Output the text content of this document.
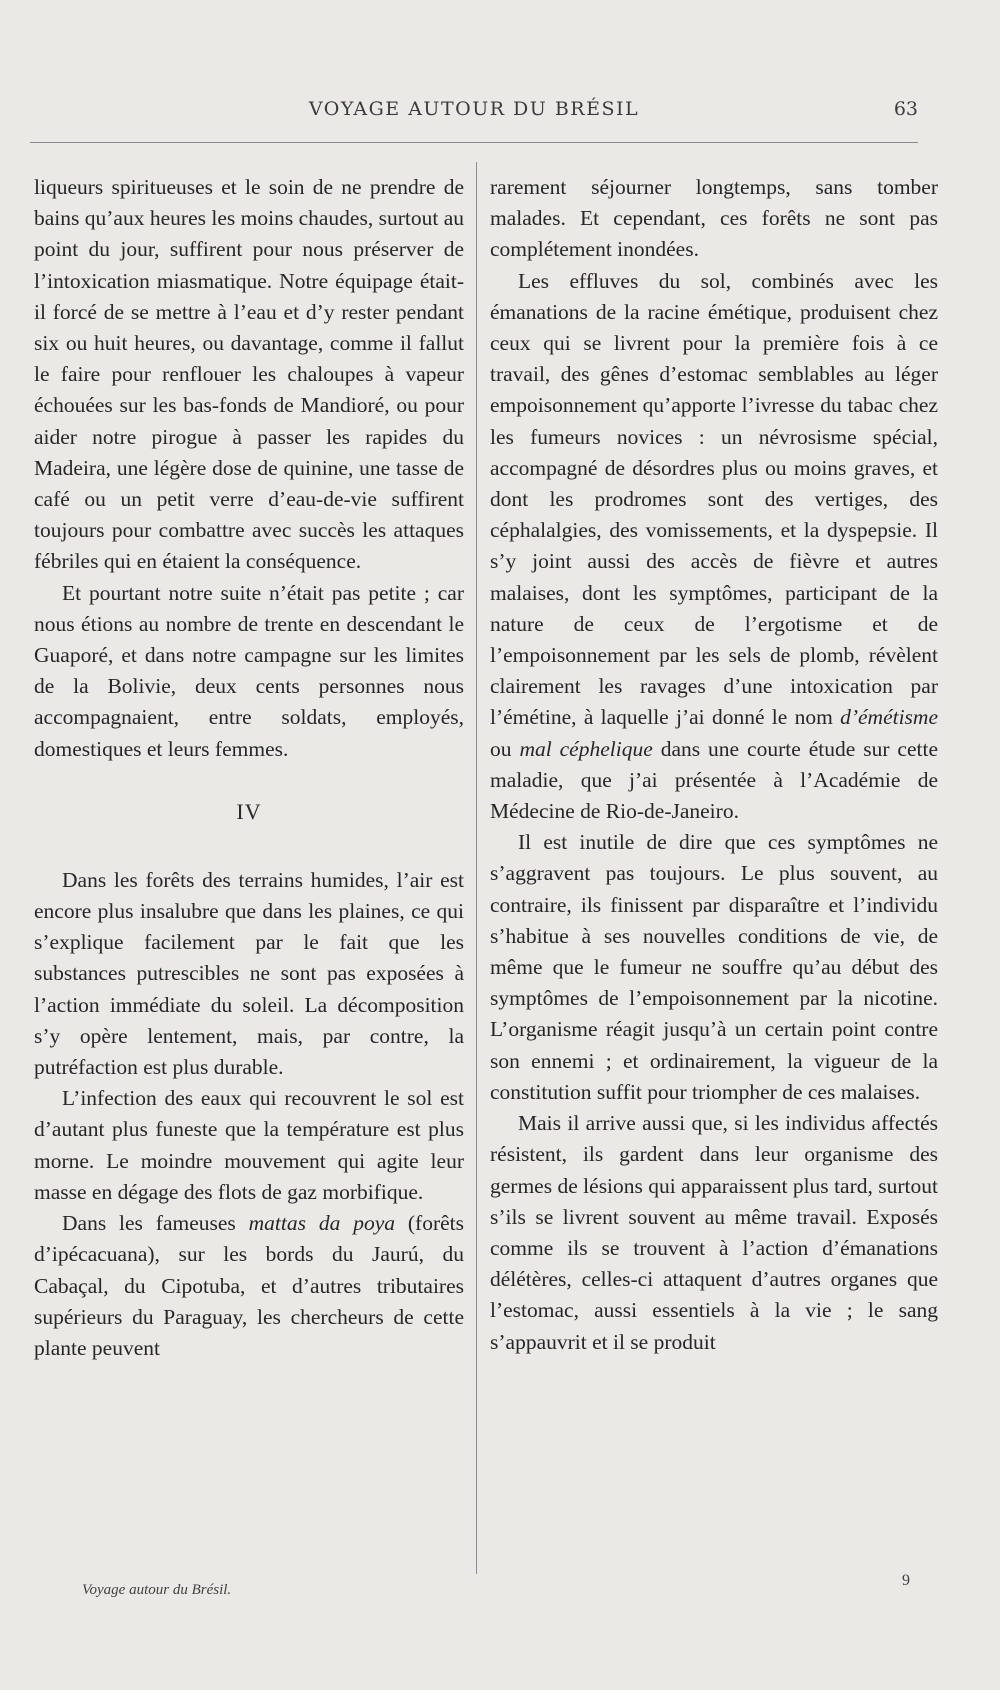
VOYAGE AUTOUR DU BRÉSIL	63

liqueurs spiritueuses et le soin de ne prendre de bains qu’aux heures les moins chaudes, surtout au point du jour, suffirent pour nous préserver de l’intoxication miasmatique. Notre équipage était-il forcé de se mettre à l’eau et d’y rester pendant six ou huit heures, ou davantage, comme il fallut le faire pour renflouer les chaloupes à vapeur échouées sur les bas-fonds de Mandioré, ou pour aider notre pirogue à passer les rapides du Madeira, une légère dose de quinine, une tasse de café ou un petit verre d’eau-de-vie suffirent toujours pour combattre avec succès les attaques fébriles qui en étaient la conséquence.

Et pourtant notre suite n’était pas petite ; car nous étions au nombre de trente en descendant le Guaporé, et dans notre campagne sur les limites de la Bolivie, deux cents personnes nous accompagnaient, entre soldats, employés, domestiques et leurs femmes.

IV

Dans les forêts des terrains humides, l’air est encore plus insalubre que dans les plaines, ce qui s’explique facilement par le fait que les substances putrescibles ne sont pas exposées à l’action immédiate du soleil. La décomposition s’y opère lentement, mais, par contre, la putréfaction est plus durable.

L’infection des eaux qui recouvrent le sol est d’autant plus funeste que la température est plus morne. Le moindre mouvement qui agite leur masse en dégage des flots de gaz morbifique.

Dans les fameuses mattas da poya (forêts d’ipécacuana), sur les bords du Jaurú, du Cabaçal, du Cipotuba, et d’autres tributaires supérieurs du Paraguay, les chercheurs de cette plante peuvent

rarement séjourner longtemps, sans tomber malades. Et cependant, ces forêts ne sont pas complétement inondées.

Les effluves du sol, combinés avec les émanations de la racine émétique, produisent chez ceux qui se livrent pour la première fois à ce travail, des gênes d’estomac semblables au léger empoisonnement qu’apporte l’ivresse du tabac chez les fumeurs novices : un névrosisme spécial, accompagné de désordres plus ou moins graves, et dont les prodromes sont des vertiges, des céphalalgies, des vomissements, et la dyspepsie. Il s’y joint aussi des accès de fièvre et autres malaises, dont les symptômes, participant de la nature de ceux de l’ergotisme et de l’empoisonnement par les sels de plomb, révèlent clairement les ravages d’une intoxication par l’émétine, à laquelle j’ai donné le nom d’émétisme ou mal céphelique dans une courte étude sur cette maladie, que j’ai présentée à l’Académie de Médecine de Rio-de-Janeiro.

Il est inutile de dire que ces symptômes ne s’aggravent pas toujours. Le plus souvent, au contraire, ils finissent par disparaître et l’individu s’habitue à ses nouvelles conditions de vie, de même que le fumeur ne souffre qu’au début des symptômes de l’empoisonnement par la nicotine. L’organisme réagit jusqu’à un certain point contre son ennemi ; et ordinairement, la vigueur de la constitution suffit pour triompher de ces malaises.

Mais il arrive aussi que, si les individus affectés résistent, ils gardent dans leur organisme des germes de lésions qui apparaissent plus tard, surtout s’ils se livrent souvent au même travail. Exposés comme ils se trouvent à l’action d’émanations délétères, celles-ci attaquent d’autres organes que l’estomac, aussi essentiels à la vie ; le sang s’appauvrit et il se produit

Voyage autour du Brésil.
9
